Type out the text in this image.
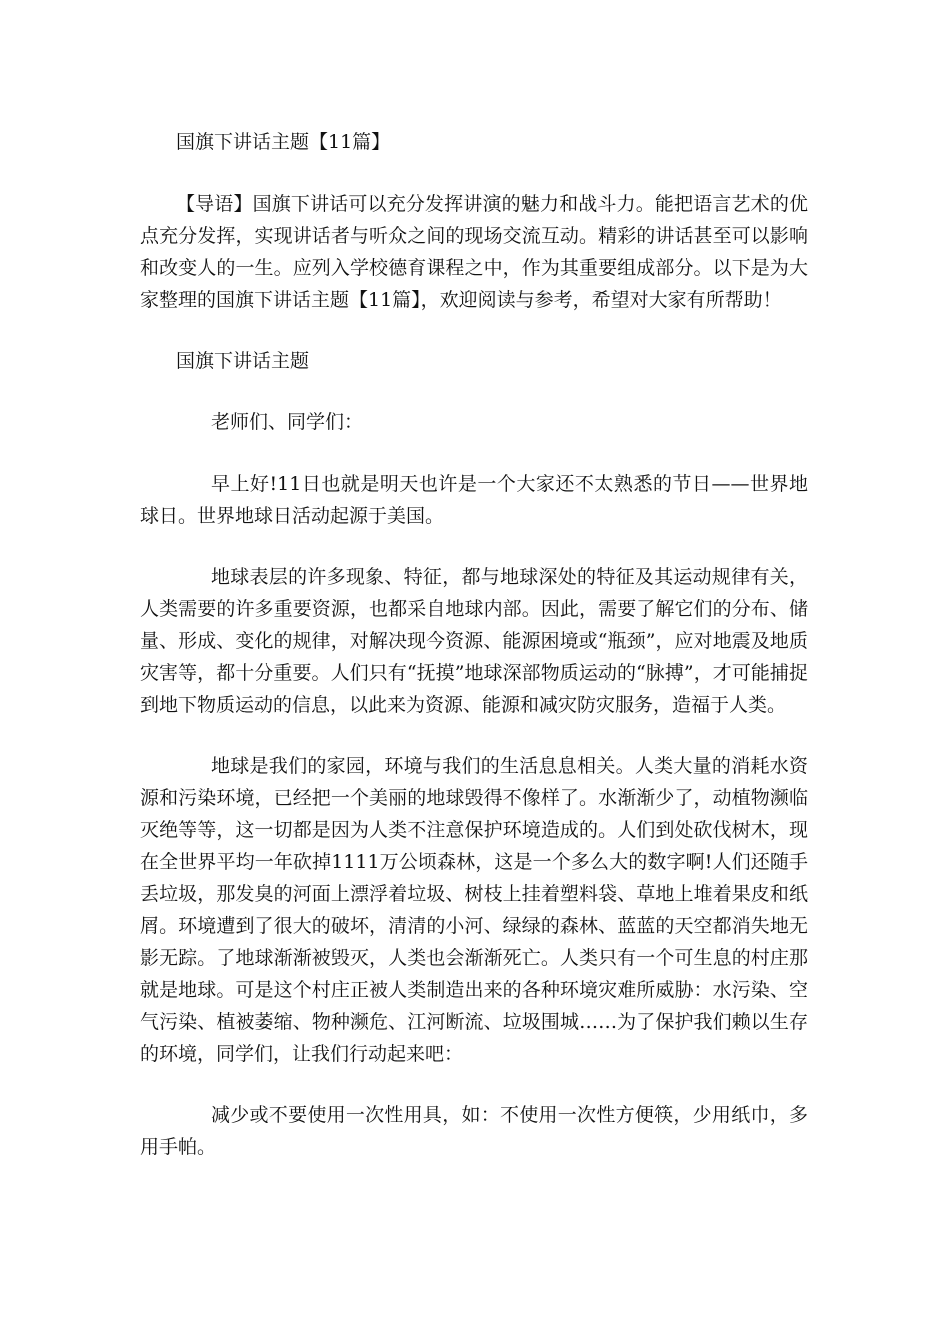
国旗下讲话主题【11篇】

【导语】国旗下讲话可以充分发挥讲演的魅力和战斗力。能把语言艺术的优点充分发挥，实现讲话者与听众之间的现场交流互动。精彩的讲话甚至可以影响和改变人的一生。应列入学校德育课程之中，作为其重要组成部分。以下是为大家整理的国旗下讲话主题【11篇】，欢迎阅读与参考，希望对大家有所帮助！

国旗下讲话主题

老师们、同学们：

早上好!11日也就是明天也许是一个大家还不太熟悉的节日——世界地球日。世界地球日活动起源于美国。

地球表层的许多现象、特征，都与地球深处的特征及其运动规律有关，人类需要的许多重要资源，也都采自地球内部。因此，需要了解它们的分布、储量、形成、变化的规律，对解决现今资源、能源困境或“瓶颈”，应对地震及地质灾害等，都十分重要。人们只有“抚摸”地球深部物质运动的“脉搏”，才可能捕捉到地下物质运动的信息，以此来为资源、能源和减灾防灾服务，造福于人类。

地球是我们的家园，环境与我们的生活息息相关。人类大量的消耗水资源和污染环境，已经把一个美丽的地球毁得不像样了。水渐渐少了，动植物濒临灭绝等等，这一切都是因为人类不注意保护环境造成的。人们到处砍伐树木，现在全世界平均一年砍掉1111万公顷森林，这是一个多么大的数字啊!人们还随手丢垃圾，那发臭的河面上漂浮着垃圾、树枝上挂着塑料袋、草地上堆着果皮和纸屑。环境遭到了很大的破坏，清清的小河、绿绿的森林、蓝蓝的天空都消失地无影无踪。了地球渐渐被毁灭，人类也会渐渐死亡。人类只有一个可生息的村庄那就是地球。可是这个村庄正被人类制造出来的各种环境灾难所威胁：水污染、空气污染、植被萎缩、物种濒危、江河断流、垃圾围城……为了保护我们赖以生存的环境，同学们，让我们行动起来吧：

减少或不要使用一次性用具，如：不使用一次性方便筷，少用纸巾，多用手帕。
